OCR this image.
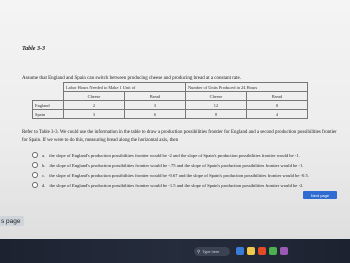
Table 3-3
Assume that England and Spain can switch between producing cheese and producing bread at a constant rate.
	Labor Hours Needed to Make 1 Unit of		Number of Units Produced in 24 Hours	
	Cheese	Bread	Cheese	Bread
England	2	3	12	8
Spain	3	6	8	4
Refer to Table 3-3. We could use the information in the table to draw a production possibilities frontier for England and a second production possibilities frontier for Spain. If we were to do this, measuring bread along the horizontal axis, then
a. the slope of England's production possibilities frontier would be -2 and the slope of Spain's production possibilities frontier would be -1.
b. the slope of England's production possibilities frontier would be -.75 and the slope of Spain's production possibilities frontier would be -1.
c. the slope of England's production possibilities frontier would be -0.67 and the slope of Spain's production possibilities frontier would be -0.5.
d. the slope of England's production possibilities frontier would be -1.5 and the slope of Spain's production possibilities frontier would be -2.
Next page
s page
⚲ Type here
